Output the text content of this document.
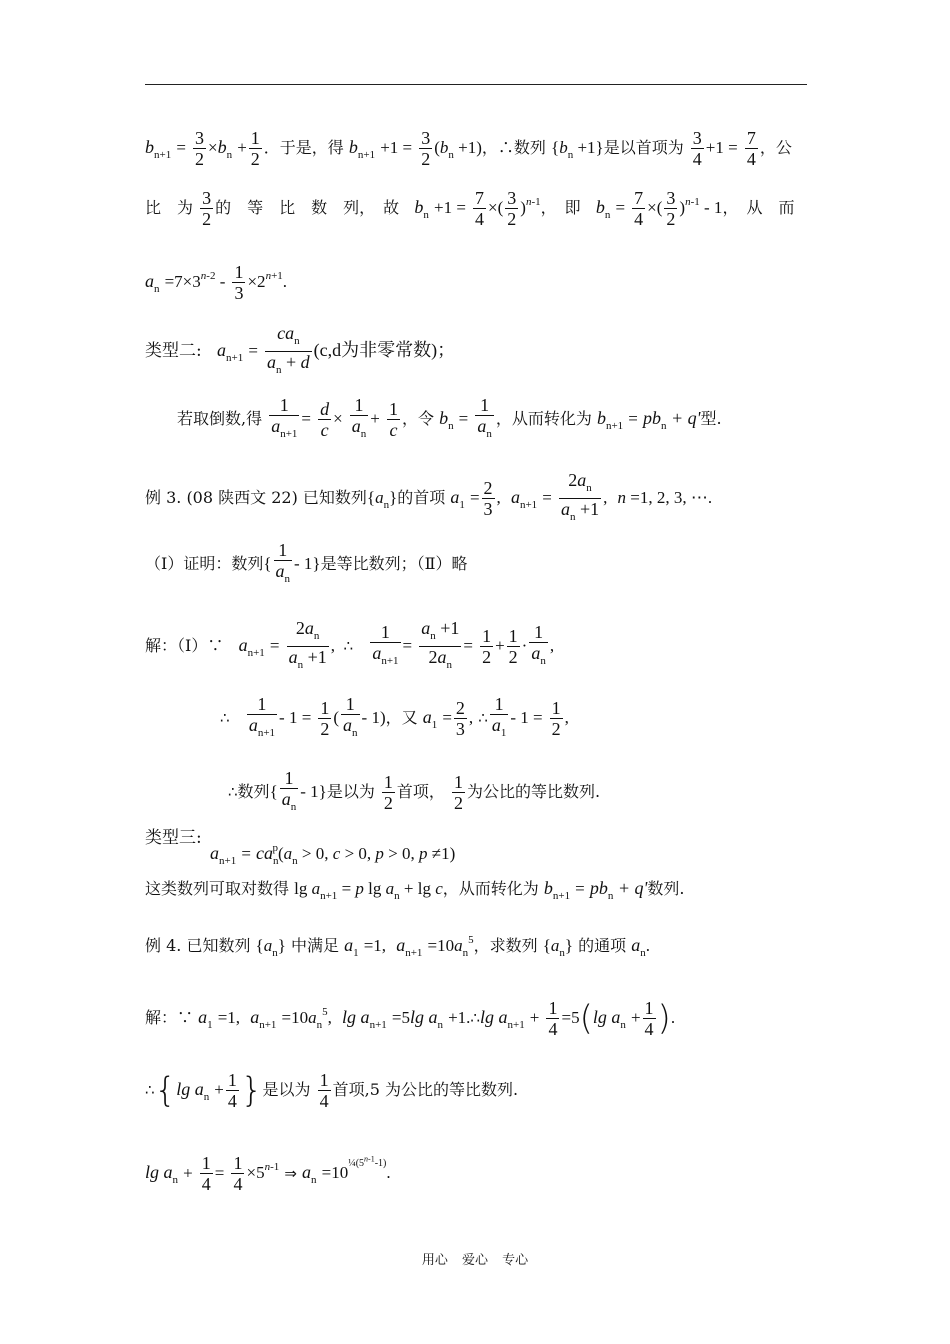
$b_{n+1} = \frac{3}{2} \times b_n + \frac{1}{2}$ ．于是，得 $b_{n+1} +1 = \frac{3}{2} (b_n +1)$，∴数列 $\{b_n +1\}$是以首项为 $\frac{3}{4} +1 = \frac{7}{4}$ ，公
比　为 $\frac{3}{2}$ 的　等　比　数　列，　故 $b_n +1 = \frac{7}{4}$ ×( $\frac{3}{2} )^{n-1}$，　即 $b_n = \frac{7}{4}$ ×( $\frac{3}{2} )^{n-1} - 1$，　从　而
$a_n =7\times 3^{n-2} - \frac{1}{3} \times 2^{n+1}$.
类型二: $a_{n+1} = \frac{ca_n}{a_n + d} (c,d$为非零常数)；
若取倒数,得 $\frac{1}{a_{n+1}} = \frac{d}{c} \times \frac{1}{a_n} + \frac{1}{c}$ ，令 $b_n = \frac{1}{a_n}$ ，从而转化为 $b_{n+1} = pb_n + q'$型.
例 3. (08 陕西文 22) 已知数列$\{a_n\}$的首项 $a_1 = \frac{2}{3}$ , $a_{n+1} = \frac{2a_n}{a_n +1}$ , n =1, 2, 3, ⋯.
（Ⅰ）证明：数列{ $\frac{1}{a_n} - 1$}是等比数列；（Ⅱ）略
解：（Ⅰ）∵ $a_{n+1} = \frac{2a_n}{a_n +1}$ ,  ∴ $\frac{1}{a_{n+1}} = \frac{a_n +1}{2a_n} = \frac{1}{2} + \frac{1}{2} \cdot \frac{1}{a_n}$ ,
∴ $\frac{1}{a_{n+1}} - 1 = \frac{1}{2}$ ( $\frac{1}{a_n} - 1$)，又 $a_1 = \frac{2}{3}$ , ∴ $\frac{1}{a_1} - 1 = \frac{1}{2}$ ,
∴数列{ $\frac{1}{a_n} - 1$}是以为 $\frac{1}{2}$ 首项， $\frac{1}{2}$ 为公比的等比数列.
类型三:
$a_{n+1} = ca_n^p(a_n > 0$, c > 0, p > 0, p ≠1)
这类数列可取对数得 $\lg a_{n+1} = p$ $\lg a_n + \lg c$，从而转化为 $b_{n+1} = pb_n + q'$数列.
例 4. 已知数列 $\{a_n\}$ 中满足 $a_1 =1$, $a_{n+1} =10a_n^5$，求数列 $\{a_n\}$ 的通项 $a_n$.
解：∵ $a_1 =1$, $a_{n+1} =10a_n^5$, $\lg a_{n+1} =5\lg$ $a_n$ +1.∴lg $a_{n+1} + \frac{1}{4} =5(\lg$ $a_n + \frac{1}{4}$ ).
∴{lg $a_n + \frac{1}{4}$ }是以为 $\frac{1}{4}$ 首项,5 为公比的等比数列.
$\lg a_n + \frac{1}{4} = \frac{1}{4} \times 5^{n-1}$ ⇒ $a_n =10^{\frac{1}{4}(5^{n-1}-1)}$.
用心 爱心 专心
